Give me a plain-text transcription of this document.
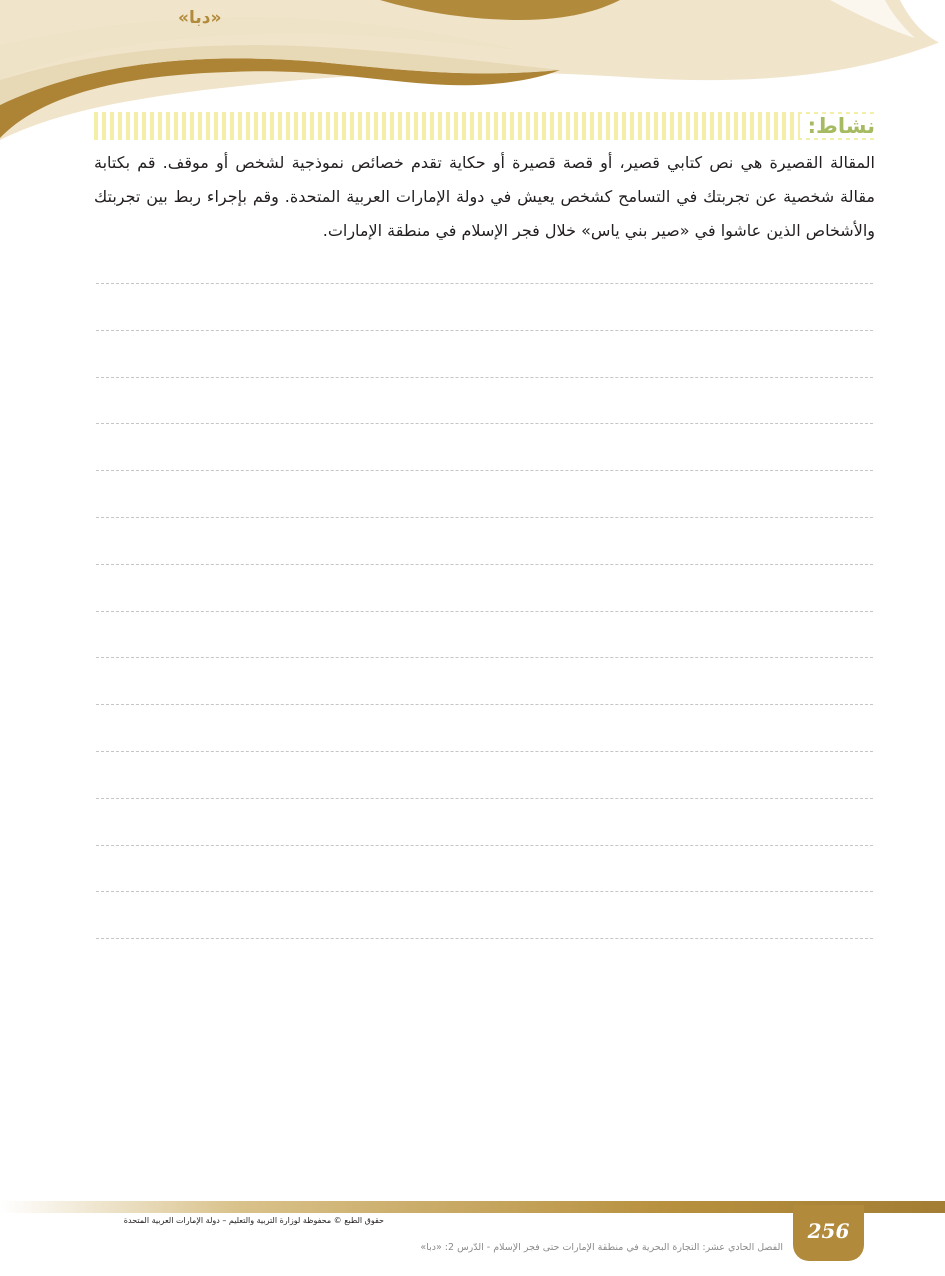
«دبا»
نشاط:
المقالة القصيرة هي نص كتابي قصير، أو قصة قصيرة أو حكاية تقدم خصائص نموذجية لشخص أو موقف. قم بكتابة مقالة شخصية عن تجربتك في التسامح كشخص يعيش في دولة الإمارات العربية المتحدة. وقم بإجراء ربط بين تجربتك والأشخاص الذين عاشوا في «صير بني ياس» خلال فجر الإسلام في منطقة الإمارات.
256
حقوق الطبع © محفوظة لوزارة التربية والتعليم – دولة الإمارات العربية المتحدة
الفصل الحادي عشر: التجارة البحرية في منطقة الإمارات حتى فجر الإسلام - الدّرس 2: «دبا»
